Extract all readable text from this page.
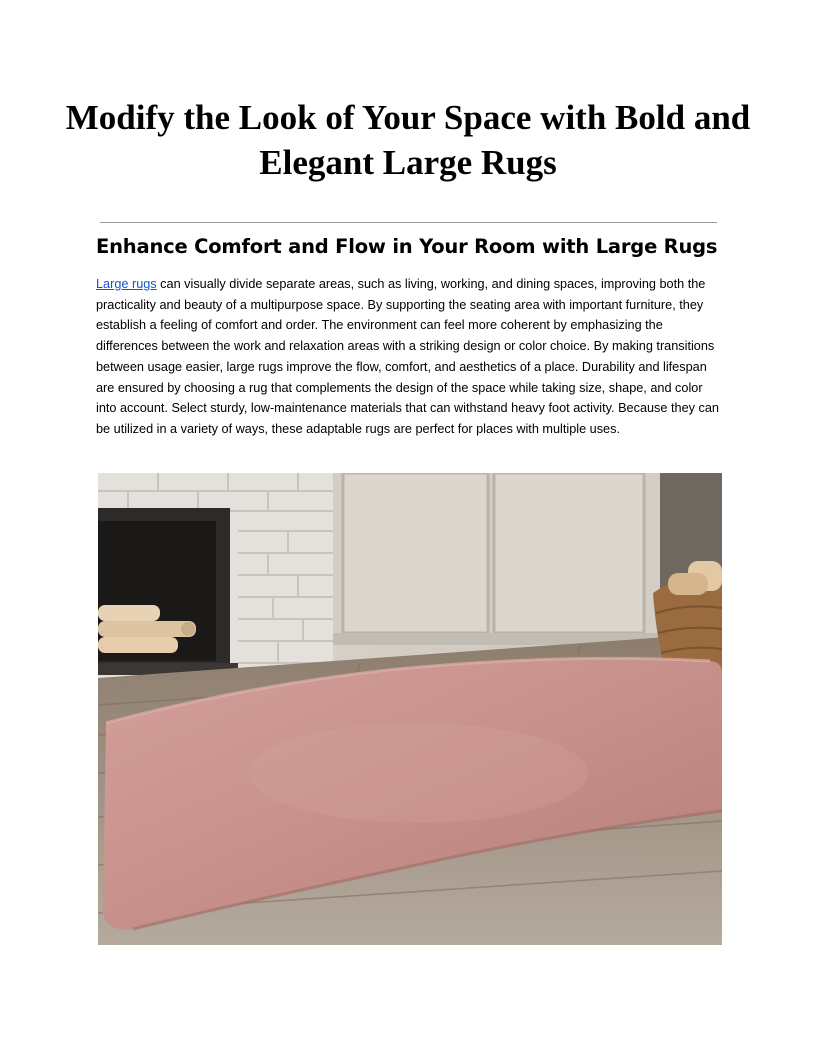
Modify the Look of Your Space with Bold and Elegant Large Rugs
Enhance Comfort and Flow in Your Room with Large Rugs

Large rugs can visually divide separate areas, such as living, working, and dining spaces, improving both the practicality and beauty of a multipurpose space. By supporting the seating area with important furniture, they establish a feeling of comfort and order. The environment can feel more coherent by emphasizing the differences between the work and relaxation areas with a striking design or color choice. By making transitions between usage easier, large rugs improve the flow, comfort, and aesthetics of a place. Durability and lifespan are ensured by choosing a rug that complements the design of the space while taking size, shape, and color into account. Select sturdy, low-maintenance materials that can withstand heavy foot activity. Because they can be utilized in a variety of ways, these adaptable rugs are perfect for places with multiple uses.
